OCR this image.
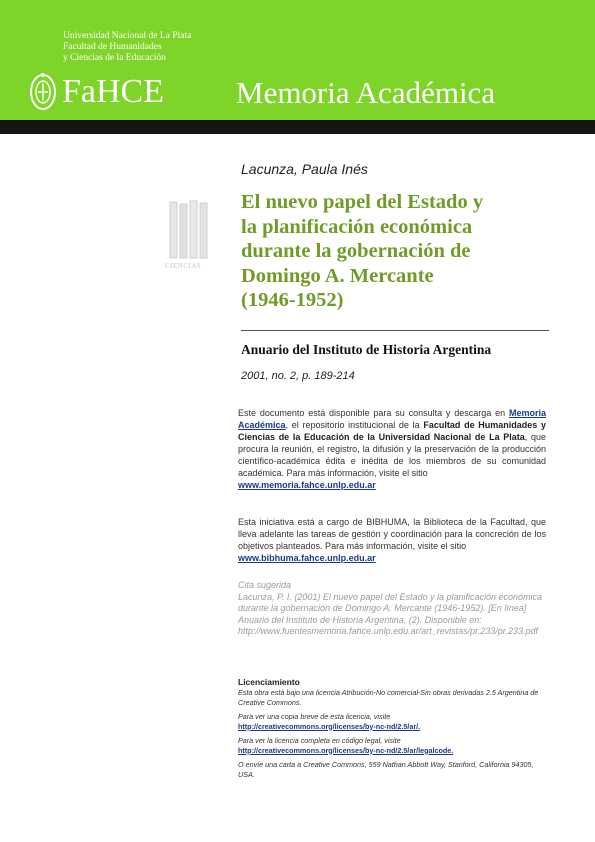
Universidad Nacional de La Plata
Facultad de Humanidades
y Ciencias de la Educación
FaHCE Memoria Académica
CIENCIAS
Lacunza, Paula Inés
El nuevo papel del Estado y
la planificación económica
durante la gobernación de
Domingo A. Mercante
(1946-1952)
Anuario del Instituto de Historia Argentina
2001, no. 2, p. 189-214
Este documento está disponible para su consulta y descarga en Memoria Académica, el repositorio institucional de la Facultad de Humanidades y Ciencias de la Educación de la Universidad Nacional de La Plata, que procura la reunión, el registro, la difusión y la preservación de la producción científico-académica édita e inédita de los miembros de su comunidad académica. Para más información, visite el sitio
www.memoria.fahce.unlp.edu.ar
Esta iniciativa está a cargo de BIBHUMA, la Biblioteca de la Facultad, que lleva adelante las tareas de gestión y coordinación para la concreción de los objetivos planteados. Para más información, visite el sitio
www.bibhuma.fahce.unlp.edu.ar
Cita sugerida
Lacunza, P. I. (2001) El nuevo papel del Estado y la planificación económica durante la gobernación de Domingo A. Mercante (1946-1952). [En línea] Anuario del Instituto de Historia Argentina, (2). Disponible en: http://www.fuentesmemoria.fahce.unlp.edu.ar/art_revistas/pr.233/pr.233.pdf
Licenciamiento
Esta obra está bajo una licencia Atribución-No comercial-Sin obras derivadas 2.5 Argentina de Creative Commons.
Para ver una copia breve de esta licencia, visite
http://creativecommons.org/licenses/by-nc-nd/2.5/ar/.
Para ver la licencia completa en código legal, visite
http://creativecommons.org/licenses/by-nc-nd/2.5/ar/legalcode.
O envíe una carta a Creative Commons, 559 Nathan Abbott Way, Stanford, California 94305, USA.
